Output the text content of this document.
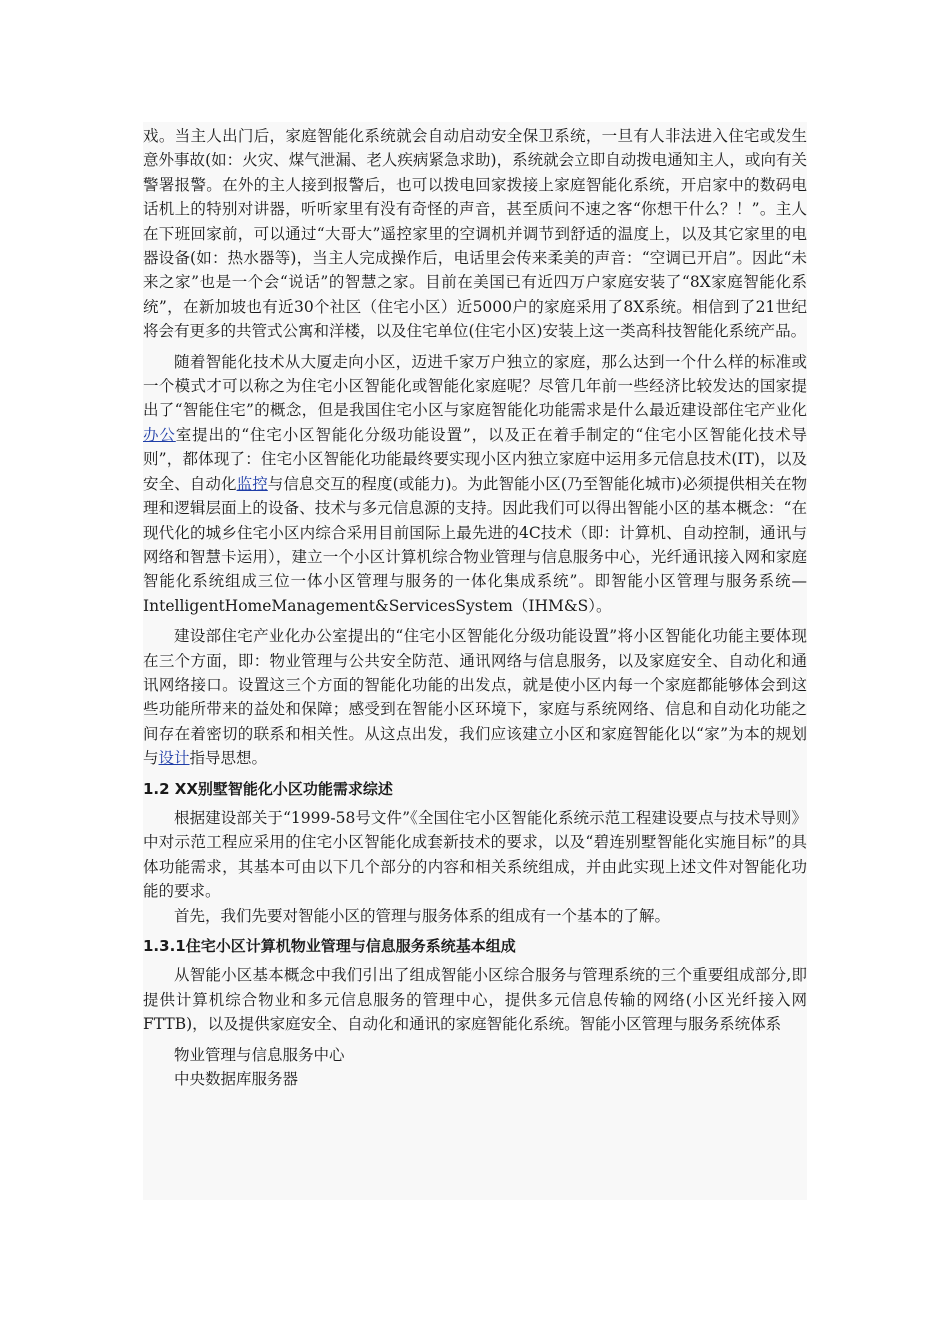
戏。当主人出门后，家庭智能化系统就会自动启动安全保卫系统，一旦有人非法进入住宅或发生意外事故(如：火灾、煤气泄漏、老人疾病紧急求助)，系统就会立即自动拨电通知主人，或向有关警署报警。在外的主人接到报警后，也可以拨电回家拨接上家庭智能化系统，开启家中的数码电话机上的特别对讲器，听听家里有没有奇怪的声音，甚至质问不速之客“你想干什么？！”。主人在下班回家前，可以通过“大哥大”遥控家里的空调机并调节到舒适的温度上，以及其它家里的电器设备(如：热水器等)，当主人完成操作后，电话里会传来柔美的声音：“空调已开启”。因此“未来之家”也是一个会“说话”的智慧之家。目前在美国已有近四万户家庭安装了“8X家庭智能化系统”，在新加坡也有近30个社区（住宅小区）近5000户的家庭采用了8X系统。相信到了21世纪将会有更多的共管式公寓和洋楼，以及住宅单位(住宅小区)安装上这一类高科技智能化系统产品。

随着智能化技术从大厦走向小区，迈进千家万户独立的家庭，那么达到一个什么样的标准或一个模式才可以称之为住宅小区智能化或智能化家庭呢？尽管几年前一些经济比较发达的国家提出了“智能住宅”的概念，但是我国住宅小区与家庭智能化功能需求是什么最近建设部住宅产业化办公室提出的“住宅小区智能化分级功能设置”，以及正在着手制定的“住宅小区智能化技术导则”，都体现了：住宅小区智能化功能最终要实现小区内独立家庭中运用多元信息技术(IT)，以及安全、自动化监控与信息交互的程度(或能力)。为此智能小区(乃至智能化城市)必须提供相关在物理和逻辑层面上的设备、技术与多元信息源的支持。因此我们可以得出智能小区的基本概念：“在现代化的城乡住宅小区内综合采用目前国际上最先进的4C技术（即：计算机、自动控制，通讯与网络和智慧卡运用），建立一个小区计算机综合物业管理与信息服务中心，光纤通讯接入网和家庭智能化系统组成三位一体小区管理与服务的一体化集成系统”。即智能小区管理与服务系统—IntelligentHomeManagement&ServicesSystem（IHM&S）。

建设部住宅产业化办公室提出的“住宅小区智能化分级功能设置”将小区智能化功能主要体现在三个方面，即：物业管理与公共安全防范、通讯网络与信息服务，以及家庭安全、自动化和通讯网络接口。设置这三个方面的智能化功能的出发点，就是使小区内每一个家庭都能够体会到这些功能所带来的益处和保障；感受到在智能小区环境下，家庭与系统网络、信息和自动化功能之间存在着密切的联系和相关性。从这点出发，我们应该建立小区和家庭智能化以“家”为本的规划与设计指导思想。

1.2 XX别墅智能化小区功能需求综述

根据建设部关于“1999-58号文件”《全国住宅小区智能化系统示范工程建设要点与技术导则》中对示范工程应采用的住宅小区智能化成套新技术的要求，以及“碧连别墅智能化实施目标”的具体功能需求，其基本可由以下几个部分的内容和相关系统组成，并由此实现上述文件对智能化功能的要求。

首先，我们先要对智能小区的管理与服务体系的组成有一个基本的了解。

1.3.1住宅小区计算机物业管理与信息服务系统基本组成

从智能小区基本概念中我们引出了组成智能小区综合服务与管理系统的三个重要组成部分,即提供计算机综合物业和多元信息服务的管理中心，提供多元信息传输的网络(小区光纤接入网FTTB)，以及提供家庭安全、自动化和通讯的家庭智能化系统。智能小区管理与服务系统体系

物业管理与信息服务中心

中央数据库服务器
